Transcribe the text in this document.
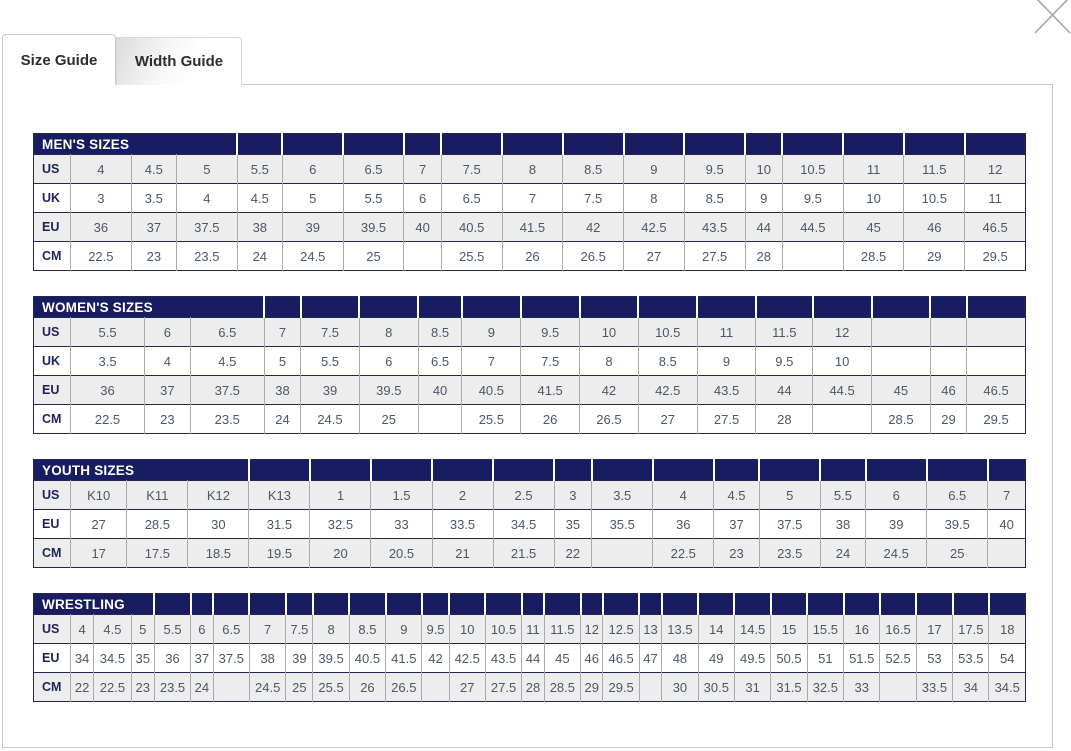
Size Guide	Width Guide
MEN'S SIZES																	
US	4	4.5	5	5.5	6	6.5	7	7.5	8	8.5	9	9.5	10	10.5	11	11.5	12
UK	3	3.5	4	4.5	5	5.5	6	6.5	7	7.5	8	8.5	9	9.5	10	10.5	11
EU	36	37	37.5	38	39	39.5	40	40.5	41.5	42	42.5	43.5	44	44.5	45	46	46.5
CM	22.5	23	23.5	24	24.5	25		25.5	26	26.5	27	27.5	28		28.5	29	29.5
WOMEN'S SIZES																	
US	5.5	6	6.5	7	7.5	8	8.5	9	9.5	10	10.5	11	11.5	12			
UK	3.5	4	4.5	5	5.5	6	6.5	7	7.5	8	8.5	9	9.5	10			
EU	36	37	37.5	38	39	39.5	40	40.5	41.5	42	42.5	43.5	44	44.5	45	46	46.5
CM	22.5	23	23.5	24	24.5	25		25.5	26	26.5	27	27.5	28		28.5	29	29.5
YOUTH SIZES																	
US	K10	K11	K12	K13	1	1.5	2	2.5	3	3.5	4	4.5	5	5.5	6	6.5	7
EU	27	28.5	30	31.5	32.5	33	33.5	34.5	35	35.5	36	37	37.5	38	39	39.5	40
CM	17	17.5	18.5	19.5	20	20.5	21	21.5	22		22.5	23	23.5	24	24.5	25	
WRESTLING																													
US	4	4.5	5	5.5	6	6.5	7	7.5	8	8.5	9	9.5	10	10.5	11	11.5	12	12.5	13	13.5	14	14.5	15	15.5	16	16.5	17	17.5	18
EU	34	34.5	35	36	37	37.5	38	39	39.5	40.5	41.5	42	42.5	43.5	44	45	46	46.5	47	48	49	49.5	50.5	51	51.5	52.5	53	53.5	54
CM	22	22.5	23	23.5	24		24.5	25	25.5	26	26.5		27	27.5	28	28.5	29	29.5		30	30.5	31	31.5	32.5	33		33.5	34	34.5
